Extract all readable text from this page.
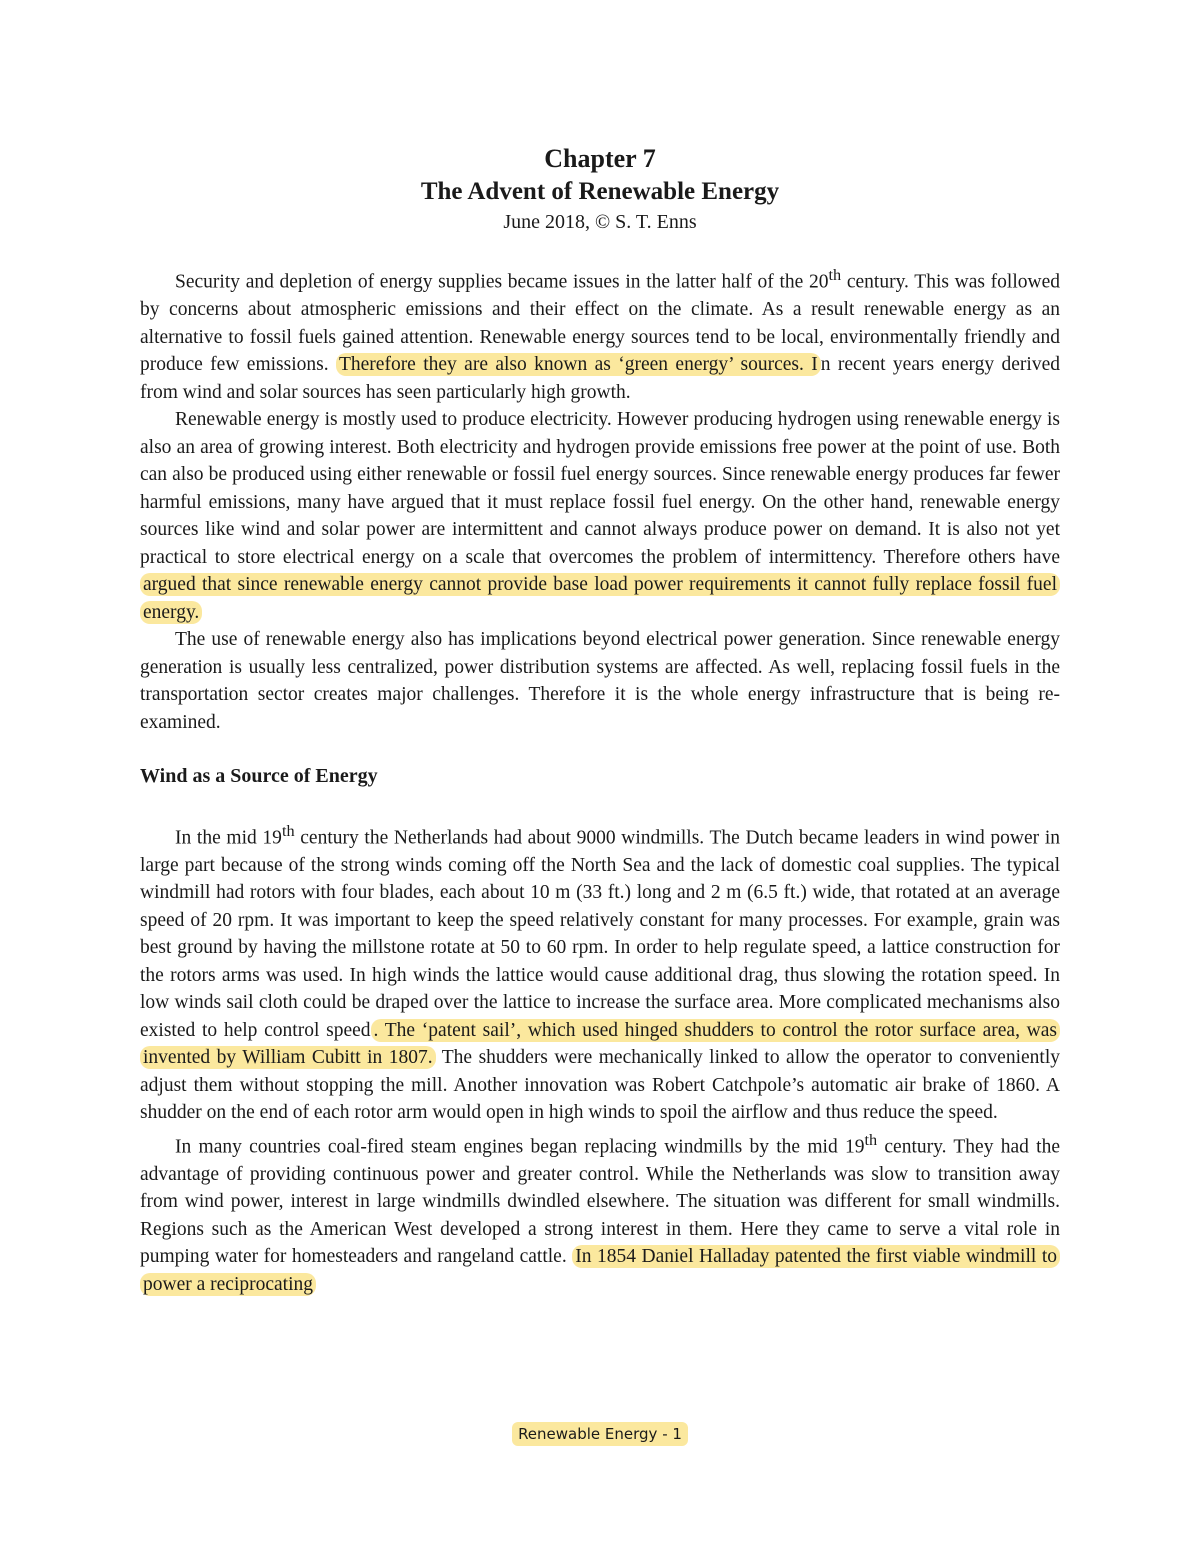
Chapter 7
The Advent of Renewable Energy
June 2018, © S. T. Enns

Security and depletion of energy supplies became issues in the latter half of the 20th century. This was followed by concerns about atmospheric emissions and their effect on the climate. As a result renewable energy as an alternative to fossil fuels gained attention. Renewable energy sources tend to be local, environmentally friendly and produce few emissions. Therefore they are also known as ‘green energy’ sources. I n recent years energy derived from wind and solar sources has seen particularly high growth.

Renewable energy is mostly used to produce electricity. However producing hydrogen using renewable energy is also an area of growing interest. Both electricity and hydrogen provide emissions free power at the point of use. Both can also be produced using either renewable or fossil fuel energy sources. Since renewable energy produces far fewer harmful emissions, many have argued that it must replace fossil fuel energy. On the other hand, renewable energy sources like wind and solar power are intermittent and cannot always produce power on demand. It is also not yet practical to store electrical energy on a scale that overcomes the problem of intermittency. Therefore others have argued that since renewable energy cannot provide base load power requirements it cannot fully replace fossil fuel energy.

The use of renewable energy also has implications beyond electrical power generation. Since renewable energy generation is usually less centralized, power distribution systems are affected. As well, replacing fossil fuels in the transportation sector creates major challenges. Therefore it is the whole energy infrastructure that is being re-examined.

Wind as a Source of Energy

In the mid 19th century the Netherlands had about 9000 windmills. The Dutch became leaders in wind power in large part because of the strong winds coming off the North Sea and the lack of domestic coal supplies. The typical windmill had rotors with four blades, each about 10 m (33 ft.) long and 2 m (6.5 ft.) wide, that rotated at an average speed of 20 rpm. It was important to keep the speed relatively constant for many processes. For example, grain was best ground by having the millstone rotate at 50 to 60 rpm. In order to help regulate speed, a lattice construction for the rotors arms was used. In high winds the lattice would cause additional drag, thus slowing the rotation speed. In low winds sail cloth could be draped over the lattice to increase the surface area. More complicated mechanisms also existed to help control speed . The ‘patent sail’, which used hinged shudders to control the rotor surface area, was invented by William Cubitt in 1807. The shudders were mechanically linked to allow the operator to conveniently adjust them without stopping the mill. Another innovation was Robert Catchpole’s automatic air brake of 1860. A shudder on the end of each rotor arm would open in high winds to spoil the airflow and thus reduce the speed.

In many countries coal-fired steam engines began replacing windmills by the mid 19th century. They had the advantage of providing continuous power and greater control. While the Netherlands was slow to transition away from wind power, interest in large windmills dwindled elsewhere. The situation was different for small windmills. Regions such as the American West developed a strong interest in them. Here they came to serve a vital role in pumping water for homesteaders and rangeland cattle. In 1854 Daniel Halladay patented the first viable windmill to power a reciprocating

Renewable Energy - 1
